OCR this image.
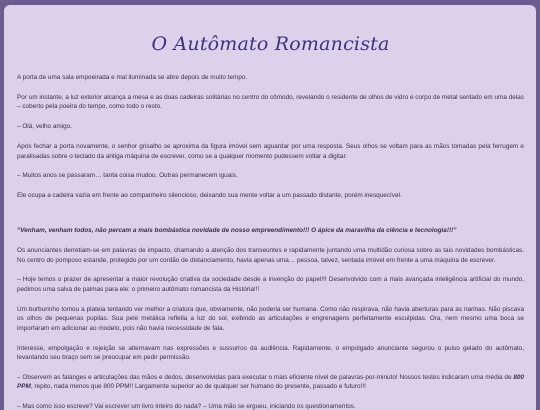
O Autômato Romancista

A porta de uma sala empoeirada e mal iluminada se abre depois de muito tempo.

Por um instante, a luz exterior alcança a mesa e as duas cadeiras solitárias no centro do cômodo, revelando o residente de olhos de vidro e corpo de metal sentado em uma delas – coberto pela poeira do tempo, como todo o resto.

– Olá, velho amigo.

Após fechar a porta novamente, o senhor grisalho se aproxima da figura imóvel sem aguardar por uma resposta. Seus olhos se voltam para as mãos tomadas pela ferrugem e paralisadas sobre o teclado da antiga máquina de escrever, como se a qualquer momento pudessem voltar a digitar.

– Muitos anos se passaram… tanta coisa mudou. Outras permanecem iguais.

Ele ocupa a cadeira vazia em frente ao companheiro silencioso, deixando sua mente voltar a um passado distante, porém inesquecível.

“Venham, venham todos, não percam a mais bombástica novidade de nosso empreendimento!!! O ápice da maravilha da ciência e tecnologia!!!”

Os anunciantes derretiam-se em palavras de impacto, chamando a atenção dos transeuntes e rapidamente juntando uma multidão curiosa sobre as tais novidades bombásticas. No centro do pomposo estande, protegido por um cordão de distanciamento, havia apenas uma… pessoa, talvez, sentada imóvel em frente a uma máquina de escrever.

– Hoje temos o prazer de apresentar a maior revolução criativa da sociedade desde a invenção do papel!!! Desenvolvido com a mais avançada inteligência artificial do mundo, pedimos uma salva de palmas para ele: o primeiro autômato romancista da História!!!

Um burburinho tomou a plateia tentando ver melhor a criatura que, obviamente, não poderia ser humana. Como não respirava, não havia aberturas para as narinas. Não piscava os olhos de pequenas pupilas. Sua pele metálica refletia a luz do sol, exibindo as articulações e engrenagens perfeitamente esculpidas. Ora, nem mesmo uma boca se importaram em adicionar ao modelo, pois não havia necessidade de fala.

Interesse, empolgação e rejeição se alternavam nas expressões e sussurros da audiência. Rapidamente, o empolgado anunciante segurou o pulso gelado do autômato, levantando seu braço sem se preocupar em pedir permissão.

– Observem as falanges e articulações das mãos e dedos, desenvolvidas para executar o mais eficiente nível de palavras-por-minuto! Nossos testes indicaram uma média de 800 PPM, repito, nada menos que 800 PPM!! Largamente superior ao de qualquer ser humano do presente, passado e futuro!!!

– Mas como isso escreve? Vai escrever um livro inteiro do nada? – Uma mão se ergueu, iniciando os questionamentos.
